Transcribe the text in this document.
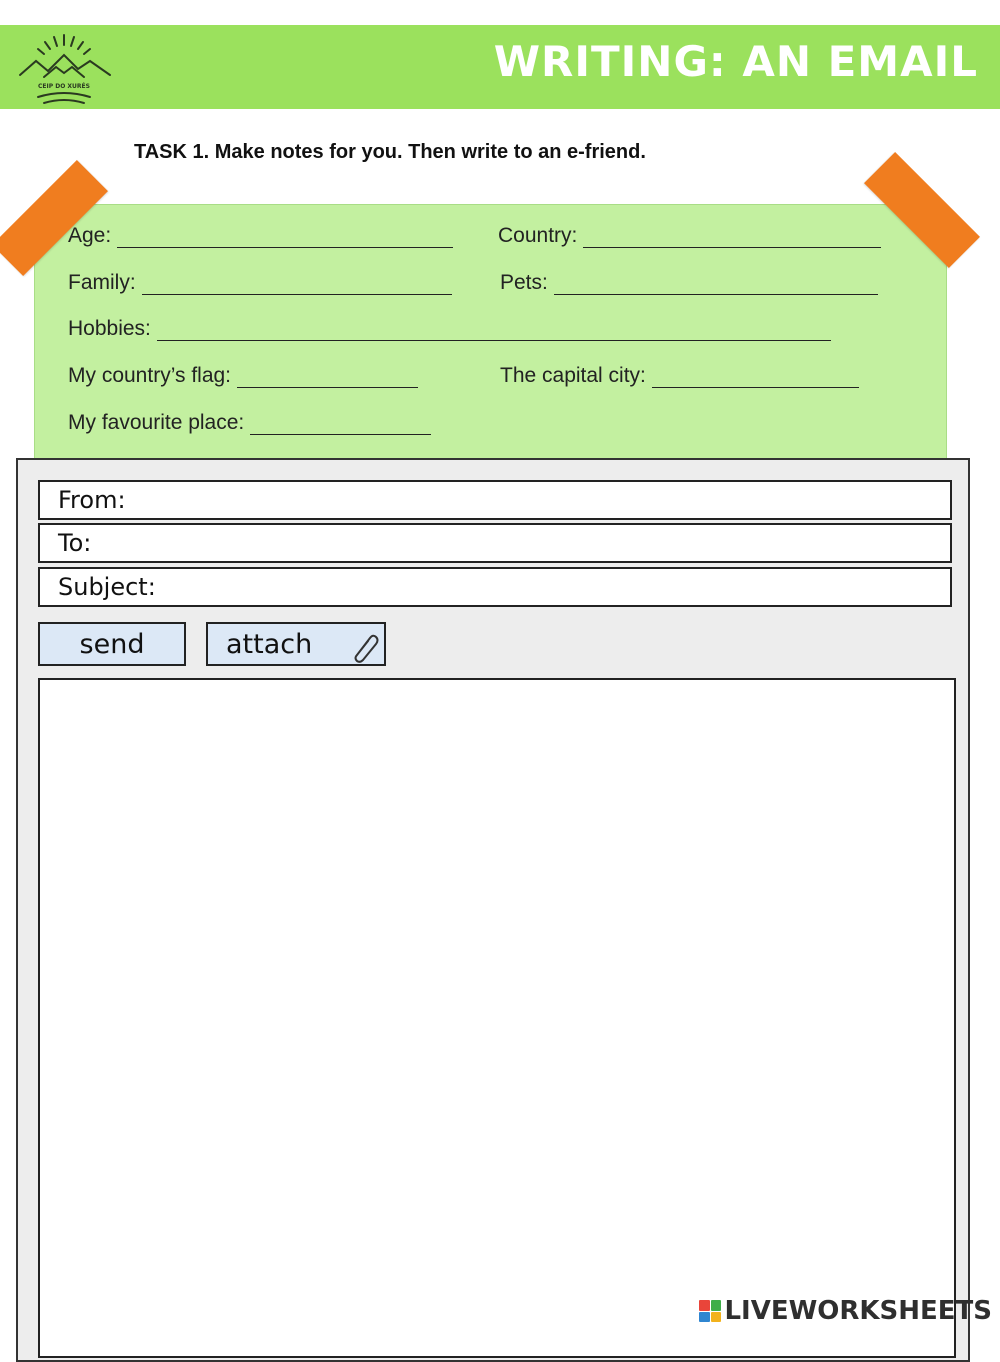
CEIP DO XURÉS
WRITING: AN EMAIL
TASK 1. Make notes for you. Then write to an e-friend.
Age:	Country:
Family:	Pets:
Hobbies:
My country’s flag:	The capital city:
My favourite place:
From:
To:
Subject:
send	attach
LIVEWORKSHEETS
